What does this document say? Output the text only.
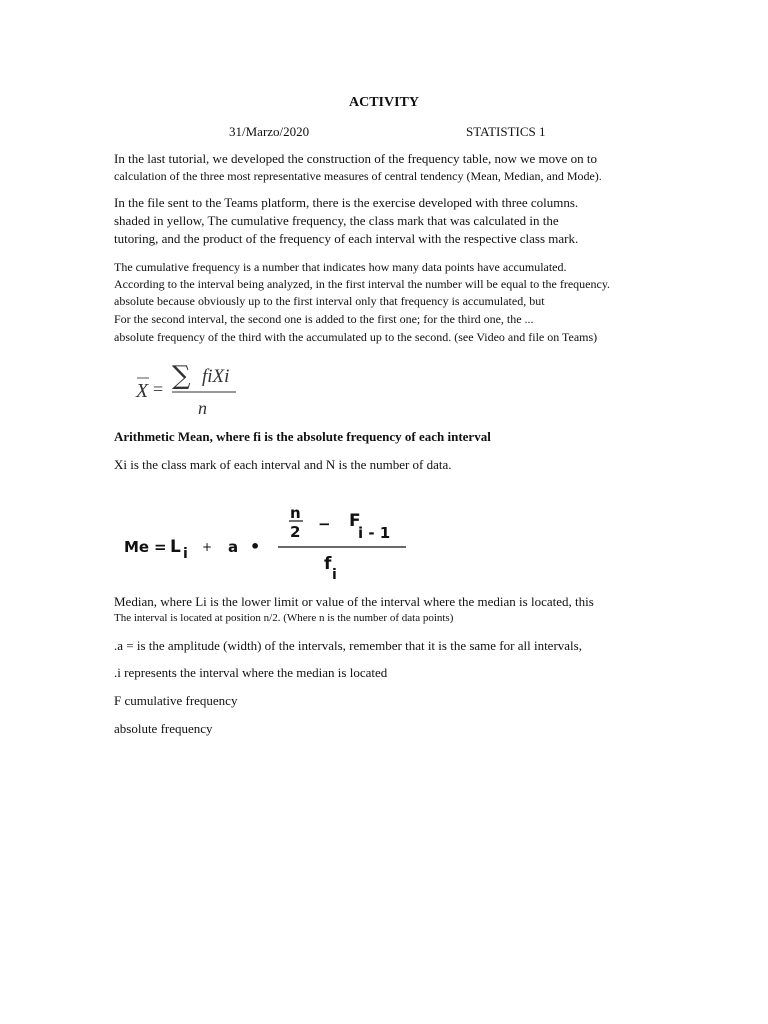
ACTIVITY
31/Marzo/2020	STATISTICS 1
In the last tutorial, we developed the construction of the frequency table, now we move on to
calculation of the three most representative measures of central tendency (Mean, Median, and Mode).
In the file sent to the Teams platform, there is the exercise developed with three columns.
shaded in yellow, The cumulative frequency, the class mark that was calculated in the
tutoring, and the product of the frequency of each interval with the respective class mark.
The cumulative frequency is a number that indicates how many data points have accumulated.
According to the interval being analyzed, in the first interval the number will be equal to the frequency.
absolute because obviously up to the first interval only that frequency is accumulated, but
For the second interval, the second one is added to the first one; for the third one, the ...
absolute frequency of the third with the accumulated up to the second. (see Video and file on Teams)
X = ∑ fiXi
n
Arithmetic Mean, where fi is the absolute frequency of each interval
Xi is the class mark of each interval and N is the number of data.
Me = L i + a •
n
2 − F
i - 1
f
i
Median, where Li is the lower limit or value of the interval where the median is located, this
The interval is located at position n/2. (Where n is the number of data points)
.a = is the amplitude (width) of the intervals, remember that it is the same for all intervals,
.i represents the interval where the median is located
F cumulative frequency
absolute frequency
